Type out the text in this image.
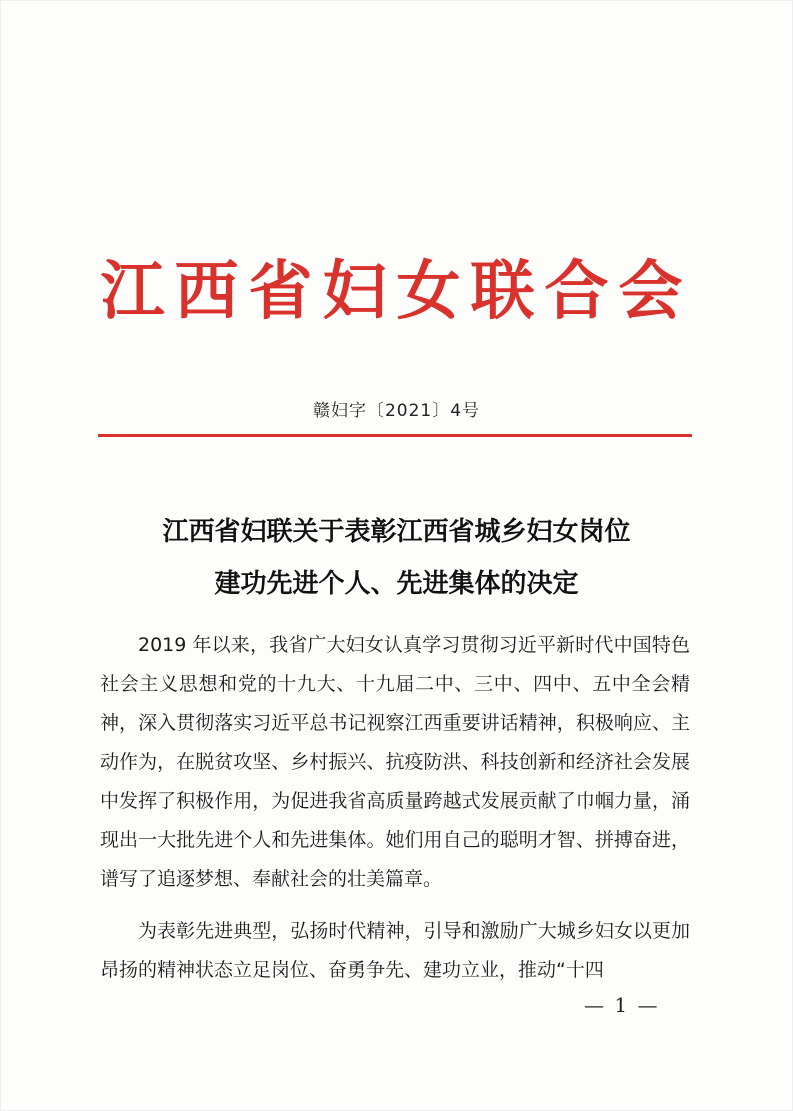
江西省妇女联合会
赣妇字〔2021〕4号
江西省妇联关于表彰江西省城乡妇女岗位
建功先进个人、先进集体的决定

2019 年以来，我省广大妇女认真学习贯彻习近平新时代中国特色社会主义思想和党的十九大、十九届二中、三中、四中、五中全会精神，深入贯彻落实习近平总书记视察江西重要讲话精神，积极响应、主动作为，在脱贫攻坚、乡村振兴、抗疫防洪、科技创新和经济社会发展中发挥了积极作用，为促进我省高质量跨越式发展贡献了巾帼力量，涌现出一大批先进个人和先进集体。她们用自己的聪明才智、拼搏奋进，谱写了追逐梦想、奉献社会的壮美篇章。

为表彰先进典型，弘扬时代精神，引导和激励广大城乡妇女以更加昂扬的精神状态立足岗位、奋勇争先、建功立业，推动“十四

— 1 —
